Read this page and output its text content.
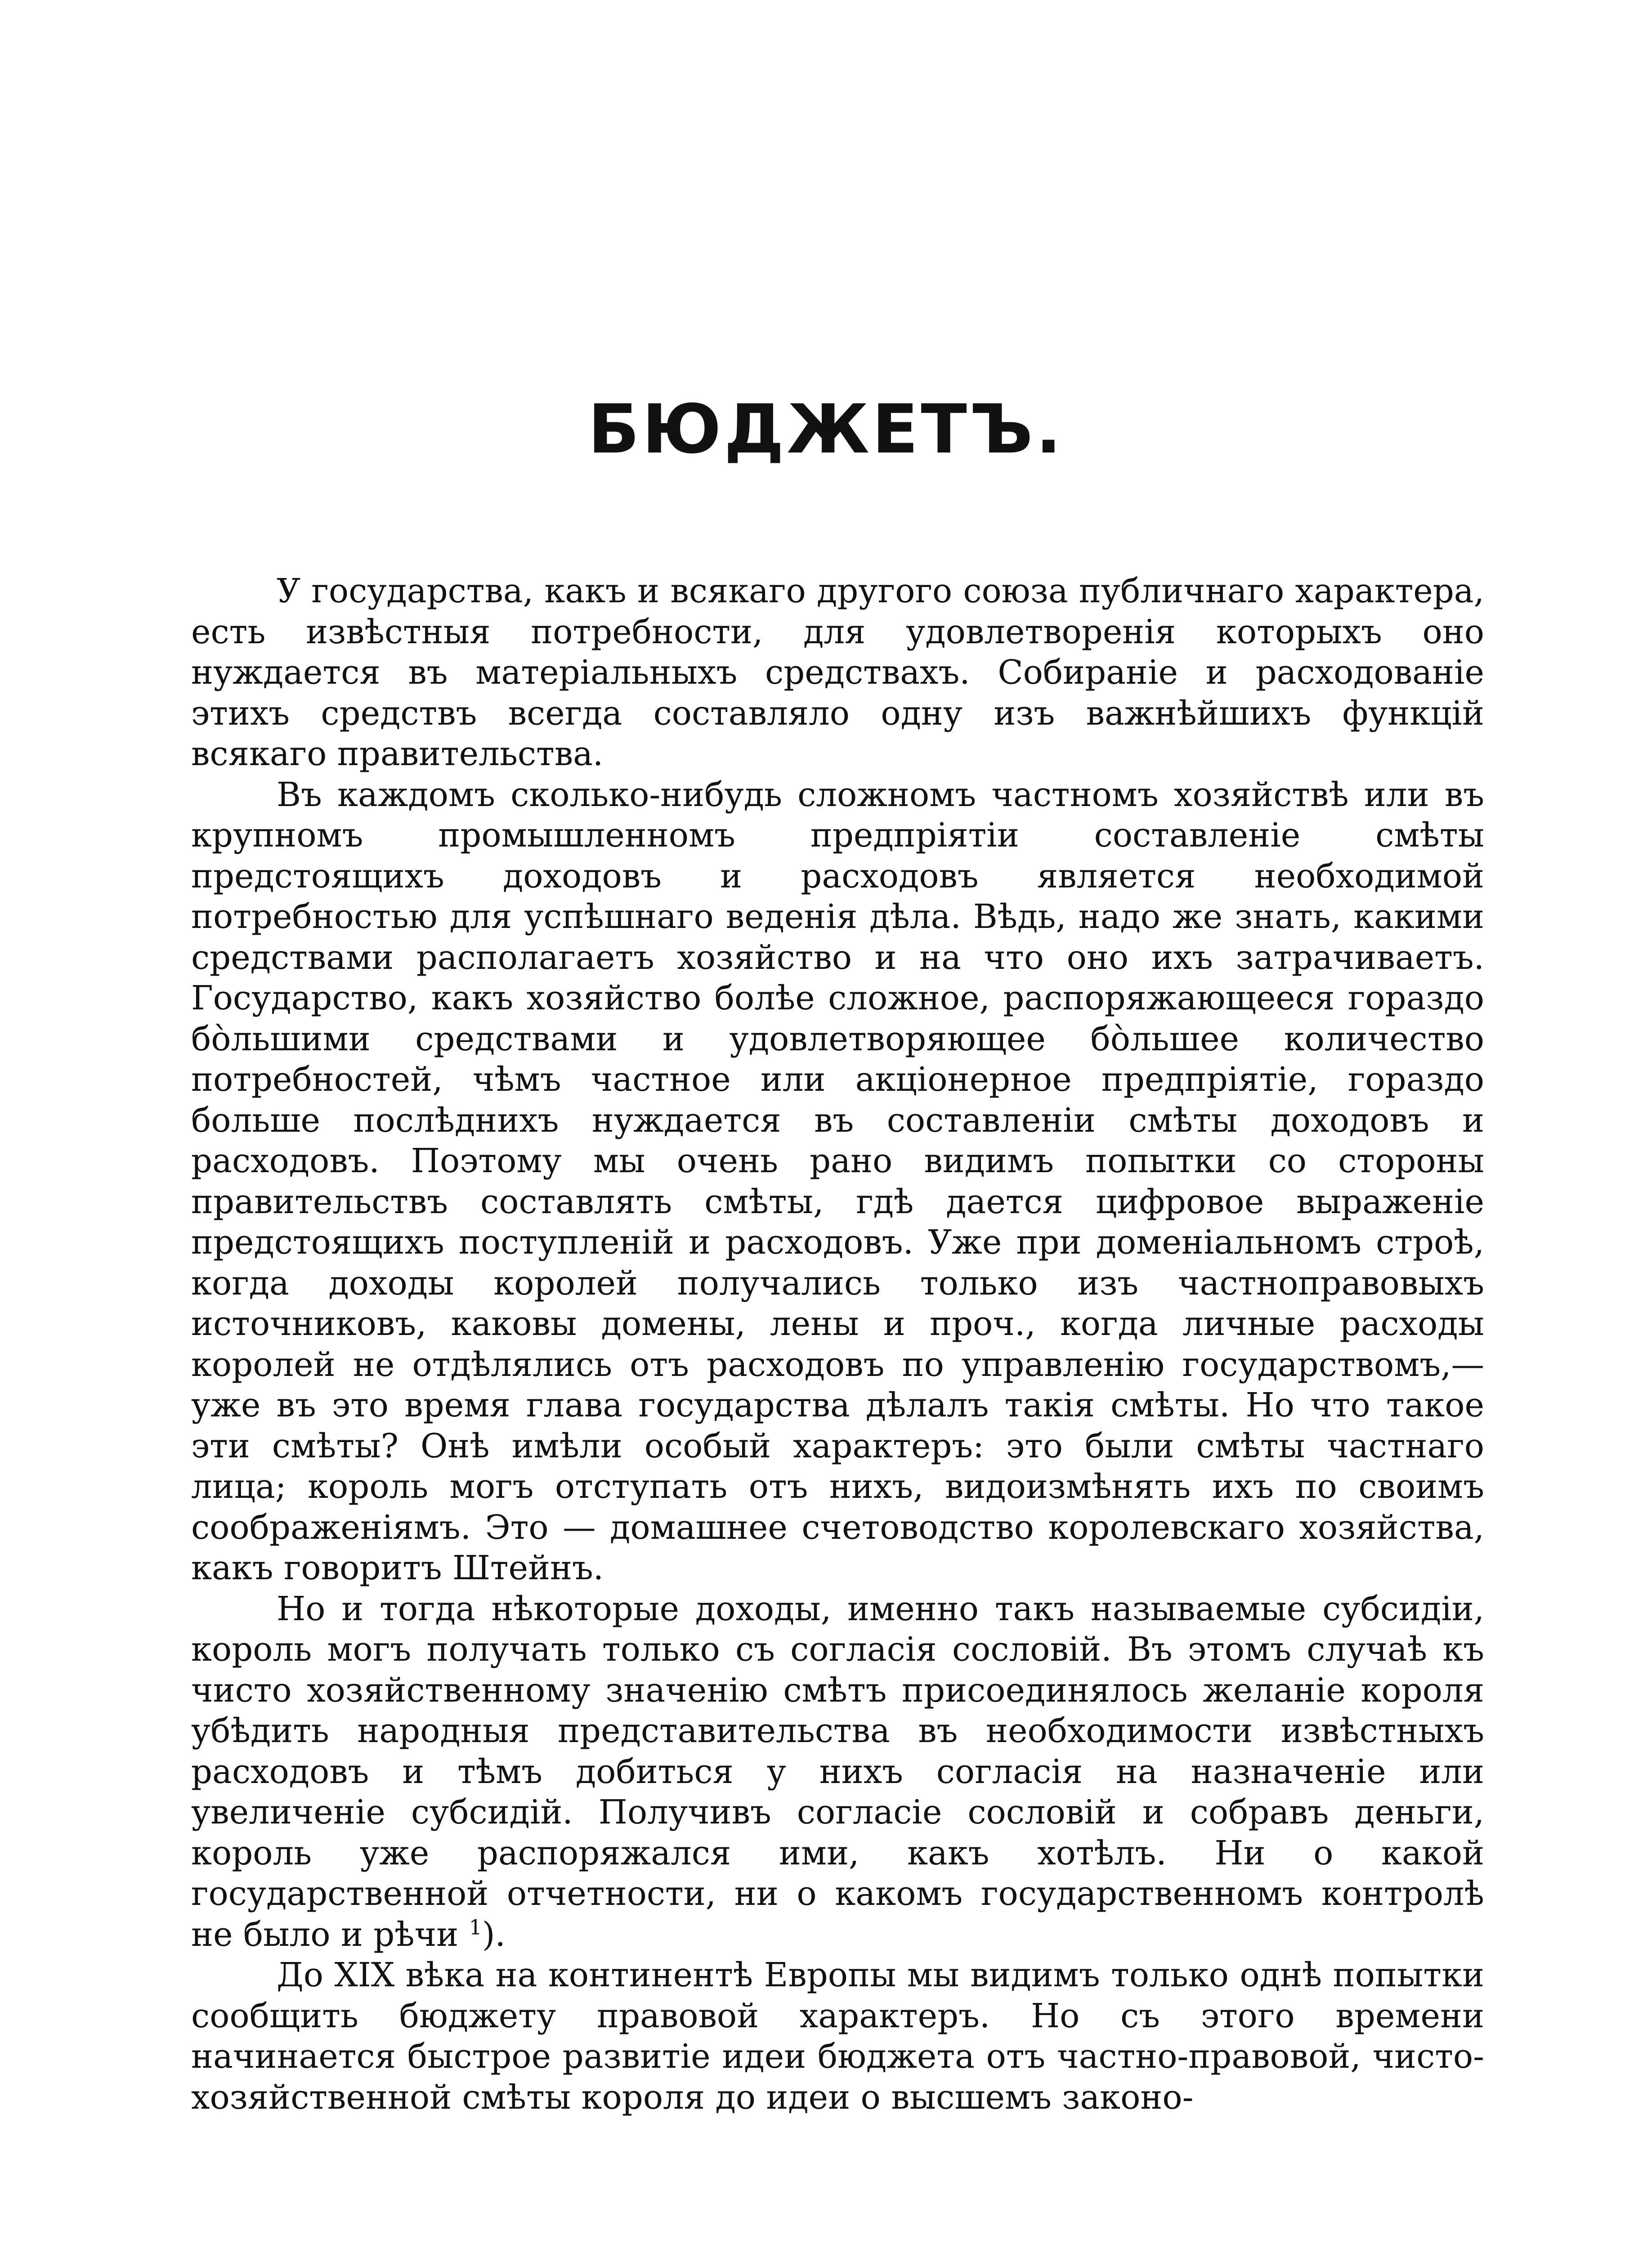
БЮДЖЕТЪ.

У государства, какъ и всякаго другого союза публичнаго характера, есть извѣстныя потребности, для удовлетворенія которыхъ оно нуждается въ матеріальныхъ средствахъ. Собираніе и расходованіе этихъ средствъ всегда составляло одну изъ важнѣйшихъ функцій всякаго правительства.

Въ каждомъ сколько-нибудь сложномъ частномъ хозяйствѣ или въ крупномъ промышленномъ предпріятіи составленіе смѣты предстоящихъ доходовъ и расходовъ является необходимой потребностью для успѣшнаго веденія дѣла. Вѣдь, надо же знать, какими средствами располагаетъ хозяйство и на что оно ихъ затрачиваетъ. Государство, какъ хозяйство болѣе сложное, распоряжающееся гораздо бо̀льшими средствами и удовлетворяющее бо̀льшее количество потребностей, чѣмъ частное или акціонерное предпріятіе, гораздо больше послѣднихъ нуждается въ составленіи смѣты доходовъ и расходовъ. Поэтому мы очень рано видимъ попытки со стороны правительствъ составлять смѣты, гдѣ дается цифровое выраженіе предстоящихъ поступленій и расходовъ. Уже при доменіальномъ строѣ, когда доходы королей получались только изъ частноправовыхъ источниковъ, каковы домены, лены и проч., когда личные расходы королей не отдѣлялись отъ расходовъ по управленію государствомъ,—уже въ это время глава государства дѣлалъ такія смѣты. Но что такое эти смѣты? Онѣ имѣли особый характеръ: это были смѣты частнаго лица; король могъ отступать отъ нихъ, видоизмѣнять ихъ по своимъ соображеніямъ. Это — домашнее счетоводство королевскаго хозяйства, какъ говоритъ Штейнъ.

Но и тогда нѣкоторые доходы, именно такъ называемые субсидіи, король могъ получать только съ согласія сословій. Въ этомъ случаѣ къ чисто хозяйственному значенію смѣтъ присоединялось желаніе короля убѣдить народныя представительства въ необходимости извѣстныхъ расходовъ и тѣмъ добиться у нихъ согласія на назначеніе или увеличеніе субсидій. Получивъ согласіе сословій и собравъ деньги, король уже распоряжался ими, какъ хотѣлъ. Ни о какой государственной отчетности, ни о какомъ государственномъ контролѣ не было и рѣчи $^1$).

До XIX вѣка на континентѣ Европы мы видимъ только однѣ попытки сообщить бюджету правовой характеръ. Но съ этого времени начинается быстрое развитіе идеи бюджета отъ частно-правовой, чисто-хозяйственной смѣты короля до идеи о высшемъ законо-
